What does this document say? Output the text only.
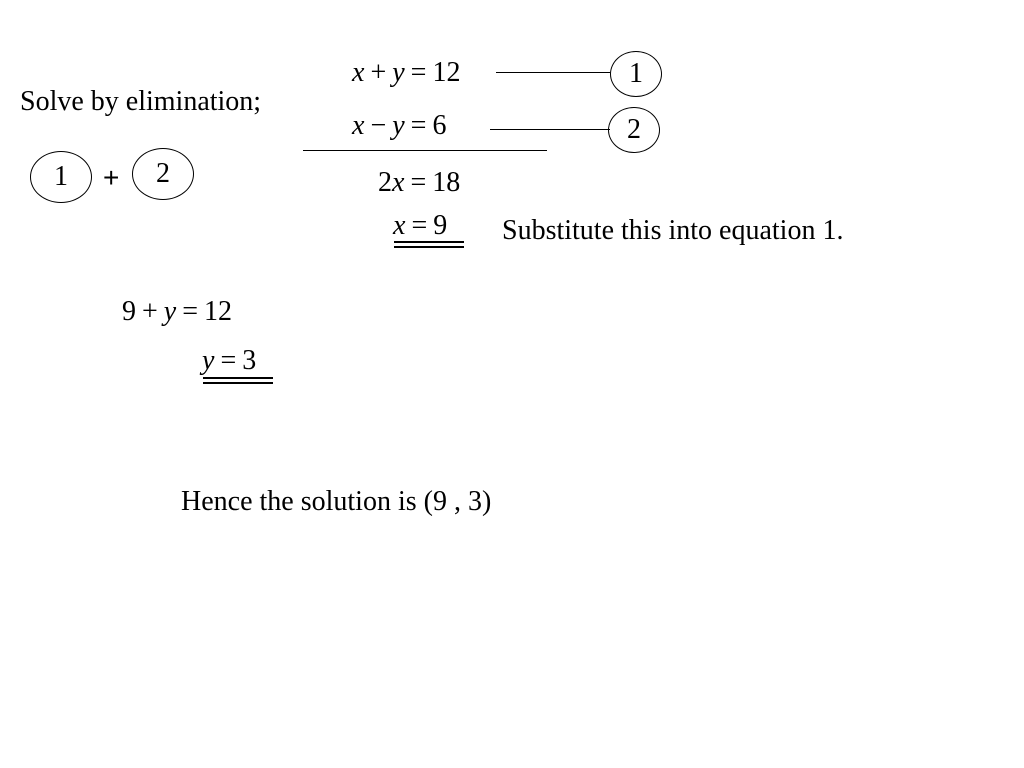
Solve by elimination;
x + y = 12	1
x − y = 6	2
1 + 2	2x = 18
x = 9 Substitute this into equation 1.
9 + y = 12
y = 3
Hence the solution is (9 , 3)
